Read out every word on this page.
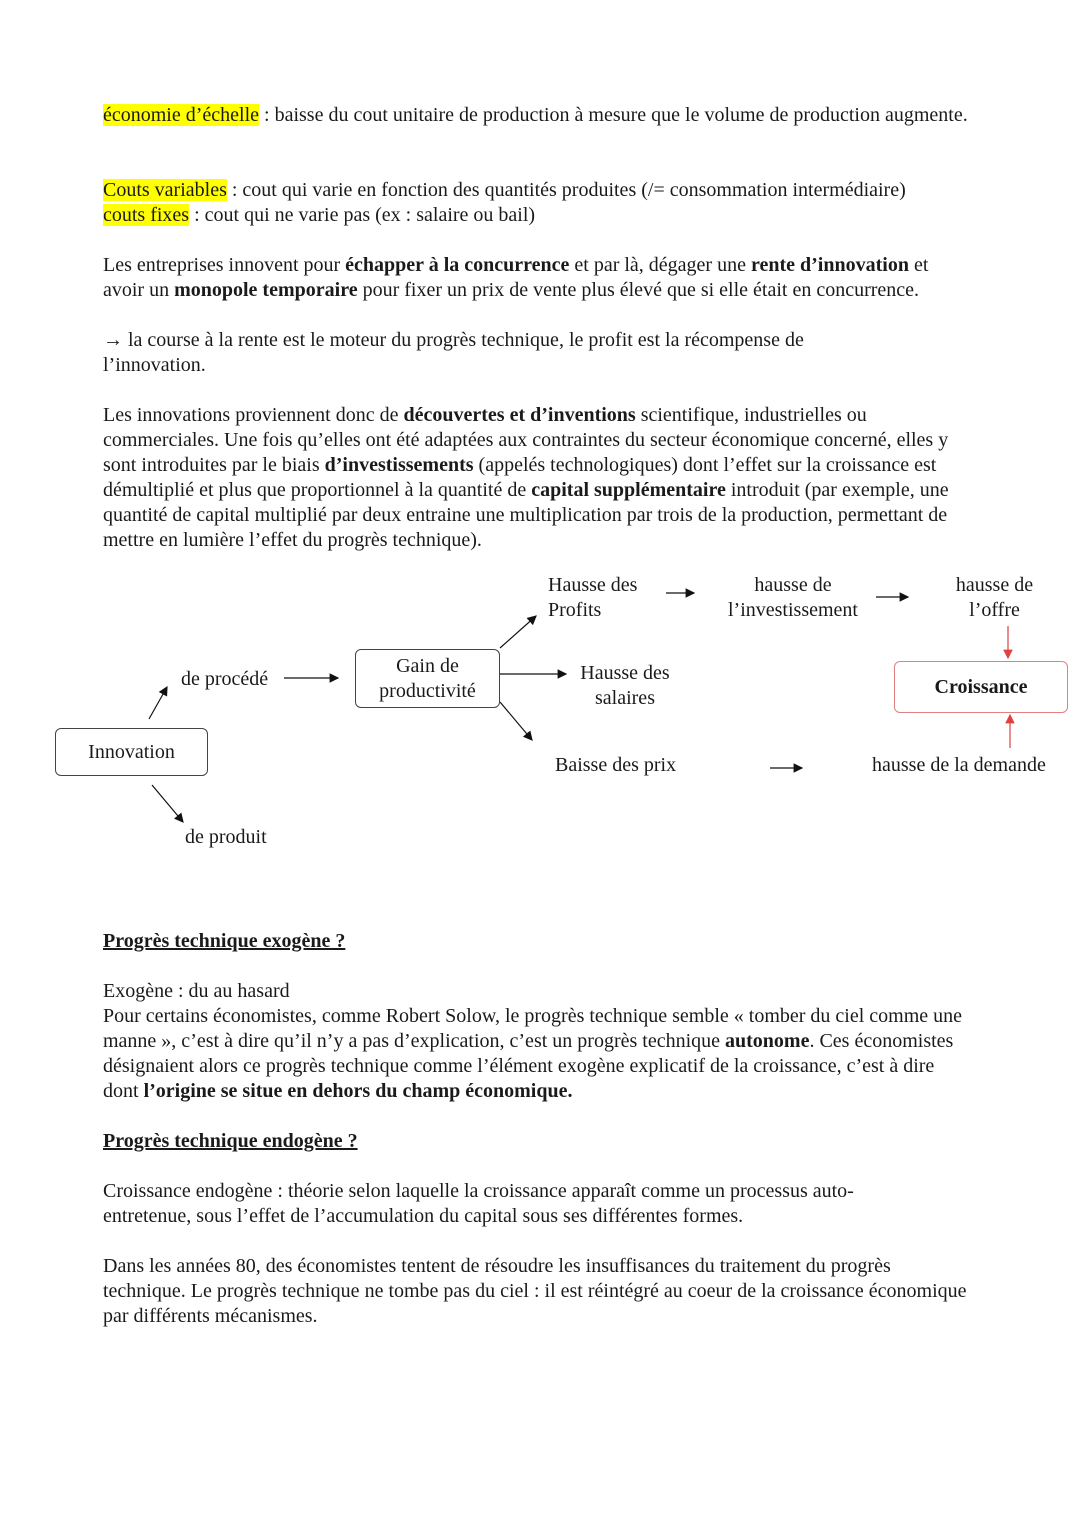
économie d’échelle : baisse du cout unitaire de production à mesure que le volume de production augmente.

Couts variables : cout qui varie en fonction des quantités produites (/= consommation intermédiaire)

couts fixes : cout qui ne varie pas (ex : salaire ou bail)

Les entreprises innovent pour échapper à la concurrence et par là, dégager une rente d’innovation et avoir un monopole temporaire pour fixer un prix de vente plus élevé que si elle était en concurrence.

→ la course à la rente est le moteur du progrès technique, le profit est la récompense de l’innovation.

Les innovations proviennent donc de découvertes et d’inventions scientifique, industrielles ou commerciales. Une fois qu’elles ont été adaptées aux contraintes du secteur économique concerné, elles y sont introduites par le biais d’investissements (appelés technologiques) dont l’effet sur la croissance est démultiplié et plus que proportionnel à la quantité de capital supplémentaire introduit (par exemple, une quantité de capital multiplié par deux entraine une multiplication par trois de la production, permettant de mettre en lumière l’effet du progrès technique).

Innovation
de procédé
de produit
Gain de productivité
Hausse des Profits
hausse de l’investissement
hausse de l’offre
Hausse des salaires
Baisse des prix	hausse de la demande
Croissance
Progrès technique exogène ?

Exogène : du au hasard

Pour certains économistes, comme Robert Solow, le progrès technique semble « tomber du ciel comme une manne », c’est à dire qu’il n’y a pas d’explication, c’est un progrès technique autonome. Ces économistes désignaient alors ce progrès technique comme l’élément exogène explicatif de la croissance, c’est à dire dont l’origine se situe en dehors du champ économique.

Progrès technique endogène ?

Croissance endogène : théorie selon laquelle la croissance apparaît comme un processus auto-entretenue, sous l’effet de l’accumulation du capital sous ses différentes formes.

Dans les années 80, des économistes tentent de résoudre les insuffisances du traitement du progrès technique. Le progrès technique ne tombe pas du ciel : il est réintégré au coeur de la croissance économique par différents mécanismes.
